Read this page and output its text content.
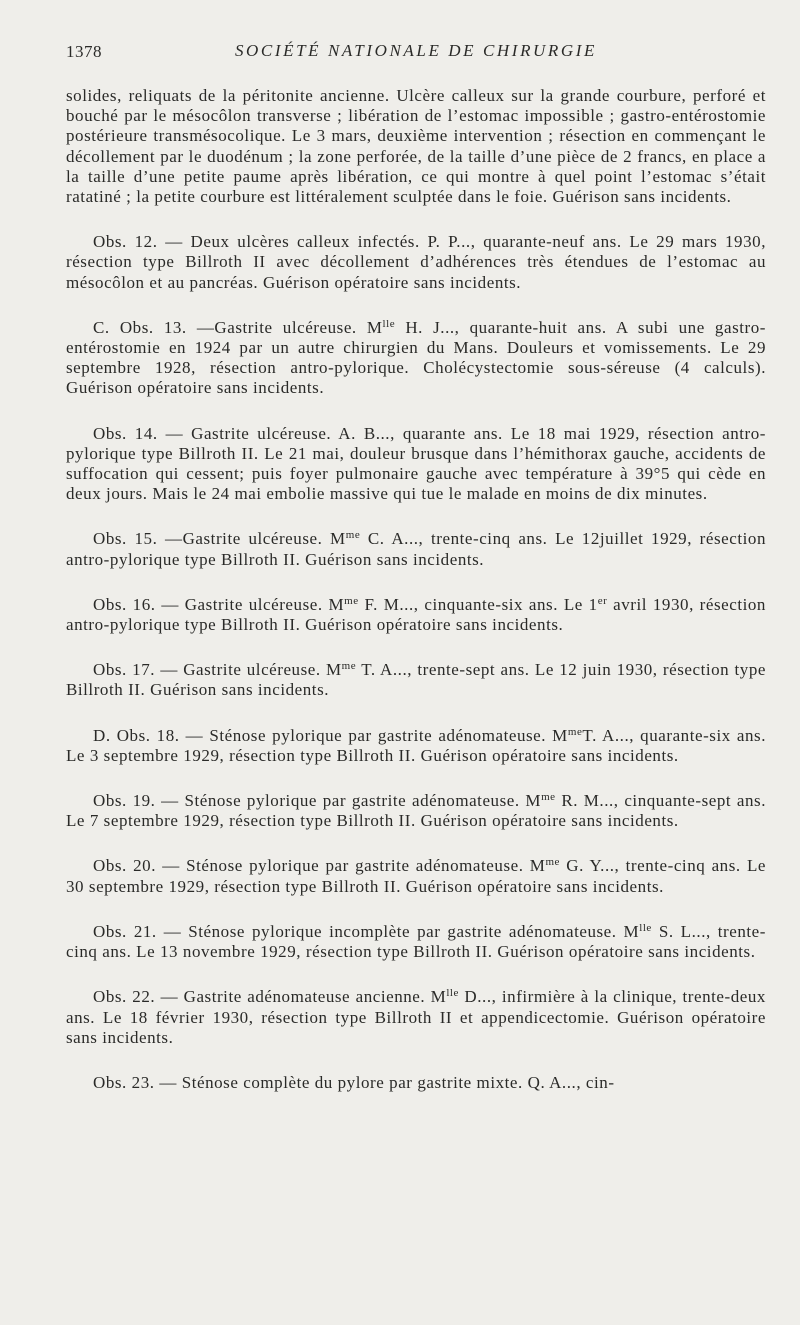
1378	SOCIÉTÉ NATIONALE DE CHIRURGIE

solides, reliquats de la péritonite ancienne. Ulcère calleux sur la grande courbure, perforé et bouché par le mésocôlon transverse ; libération de l’estomac impossible ; gastro-entérostomie postérieure transmésocolique. Le 3 mars, deuxième intervention ; résection en commençant le décollement par le duodénum ; la zone perforée, de la taille d’une pièce de 2 francs, en place a la taille d’une petite paume après libération, ce qui montre à quel point l’estomac s’était ratatiné ; la petite courbure est littéralement sculptée dans le foie. Guérison sans incidents.

Obs. 12. — Deux ulcères calleux infectés. P. P..., quarante-neuf ans. Le 29 mars 1930, résection type Billroth II avec décollement d’adhérences très étendues de l’estomac au mésocôlon et au pancréas. Guérison opératoire sans incidents.

C. Obs. 13. —Gastrite ulcéreuse. $M^{lle}$ H. J..., quarante-huit ans. A subi une gastro-entérostomie en 1924 par un autre chirurgien du Mans. Douleurs et vomissements. Le 29 septembre 1928, résection antro-pylorique. Cholécystectomie sous-séreuse (4 calculs). Guérison opératoire sans incidents.

Obs. 14. — Gastrite ulcéreuse. A. B..., quarante ans. Le 18 mai 1929, résection antro-pylorique type Billroth II. Le 21 mai, douleur brusque dans l’hémithorax gauche, accidents de suffocation qui cessent; puis foyer pulmonaire gauche avec température à 39°5 qui cède en deux jours. Mais le 24 mai embolie massive qui tue le malade en moins de dix minutes.

Obs. 15. —Gastrite ulcéreuse. $M^{me}$ C. A..., trente-cinq ans. Le 12juillet 1929, résection antro-pylorique type Billroth II. Guérison sans incidents.

Obs. 16. — Gastrite ulcéreuse. $M^{me}$ F. M..., cinquante-six ans. Le 1er avril 1930, résection antro-pylorique type Billroth II. Guérison opératoire sans incidents.

Obs. 17. — Gastrite ulcéreuse. $M^{me}$ T. A..., trente-sept ans. Le 12 juin 1930, résection type Billroth II. Guérison sans incidents.

D. Obs. 18. — Sténose pylorique par gastrite adénomateuse. $M^{me}T$. A..., quarante-six ans. Le 3 septembre 1929, résection type Billroth II. Guérison opératoire sans incidents.

Obs. 19. — Sténose pylorique par gastrite adénomateuse. $M^{me}$ R. M..., cinquante-sept ans. Le 7 septembre 1929, résection type Billroth II. Guérison opératoire sans incidents.

Obs. 20. — Sténose pylorique par gastrite adénomateuse. $M^{me}$ G. Y..., trente-cinq ans. Le 30 septembre 1929, résection type Billroth II. Guérison opératoire sans incidents.

Obs. 21. — Sténose pylorique incomplète par gastrite adénomateuse. $M^{lle}$ S. L..., trente-cinq ans. Le 13 novembre 1929, résection type Billroth II. Guérison opératoire sans incidents.

Obs. 22. — Gastrite adénomateuse ancienne. $M^{lle}$ D..., infirmière à la clinique, trente-deux ans. Le 18 février 1930, résection type Billroth II et appendicectomie. Guérison opératoire sans incidents.

Obs. 23. — Sténose complète du pylore par gastrite mixte. Q. A..., cin-
